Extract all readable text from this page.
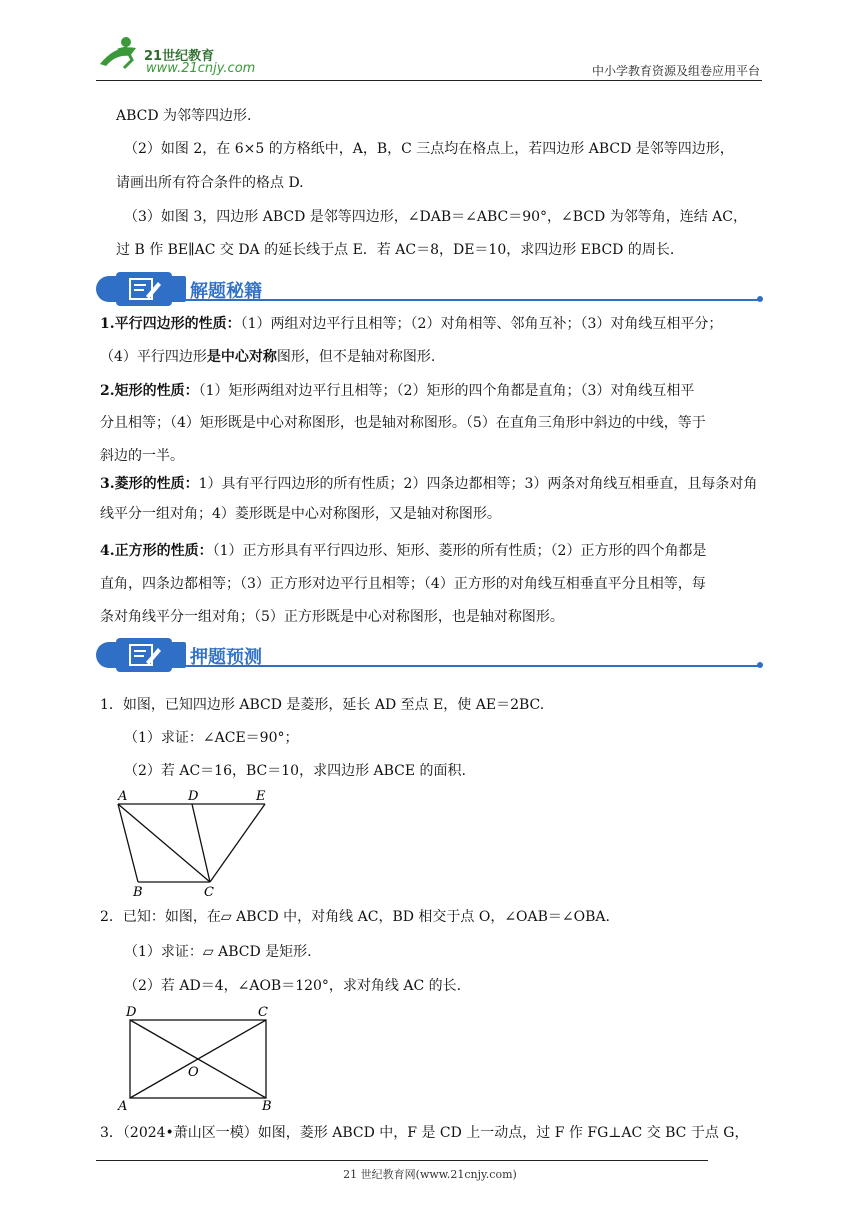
21世纪教育
www.21cnjy.com	中小学教育资源及组卷应用平台
ABCD 为邻等四边形.
（2）如图 2，在 6×5 的方格纸中，A，B，C 三点均在格点上，若四边形 ABCD 是邻等四边形，
请画出所有符合条件的格点 D.
（3）如图 3，四边形 ABCD 是邻等四边形，∠DAB＝∠ABC＝90°，∠BCD 为邻等角，连结 AC，
过 B 作 BE∥AC 交 DA 的延长线于点 E．若 AC＝8，DE＝10，求四边形 EBCD 的周长.
解题秘籍
1.平行四边形的性质：（1）两组对边平行且相等；（2）对角相等、邻角互补；（3）对角线互相平分；
（4）平行四边形是中心对称图形，但不是轴对称图形.
2.矩形的性质：（1）矩形两组对边平行且相等；（2）矩形的四个角都是直角；（3）对角线互相平
分且相等；（4）矩形既是中心对称图形，也是轴对称图形。（5）在直角三角形中斜边的中线，等于
斜边的一半。
3.菱形的性质：1）具有平行四边形的所有性质；2）四条边都相等；3）两条对角线互相垂直，且每条对角
线平分一组对角；4）菱形既是中心对称图形，又是轴对称图形。
4.正方形的性质：（1）正方形具有平行四边形、矩形、菱形的所有性质；（2）正方形的四个角都是
直角，四条边都相等；（3）正方形对边平行且相等；（4）正方形的对角线互相垂直平分且相等，每
条对角线平分一组对角；（5）正方形既是中心对称图形，也是轴对称图形。
押题预测
1．如图，已知四边形 ABCD 是菱形，延长 AD 至点 E，使 AE＝2BC.
（1）求证：∠ACE＝90°；
（2）若 AC＝16，BC＝10，求四边形 ABCE 的面积.
A	D	E
B	C
2．已知：如图，在▱ ABCD 中，对角线 AC，BD 相交于点 O，∠OAB＝∠OBA.
（1）求证：▱ ABCD 是矩形.
（2）若 AD＝4，∠AOB＝120°，求对角线 AC 的长.
D	C
O
A	B
3．（2024•萧山区一模）如图，菱形 ABCD 中，F 是 CD 上一动点，过 F 作 FG⊥AC 交 BC 于点 G，
21 世纪教育网(www.21cnjy.com)
